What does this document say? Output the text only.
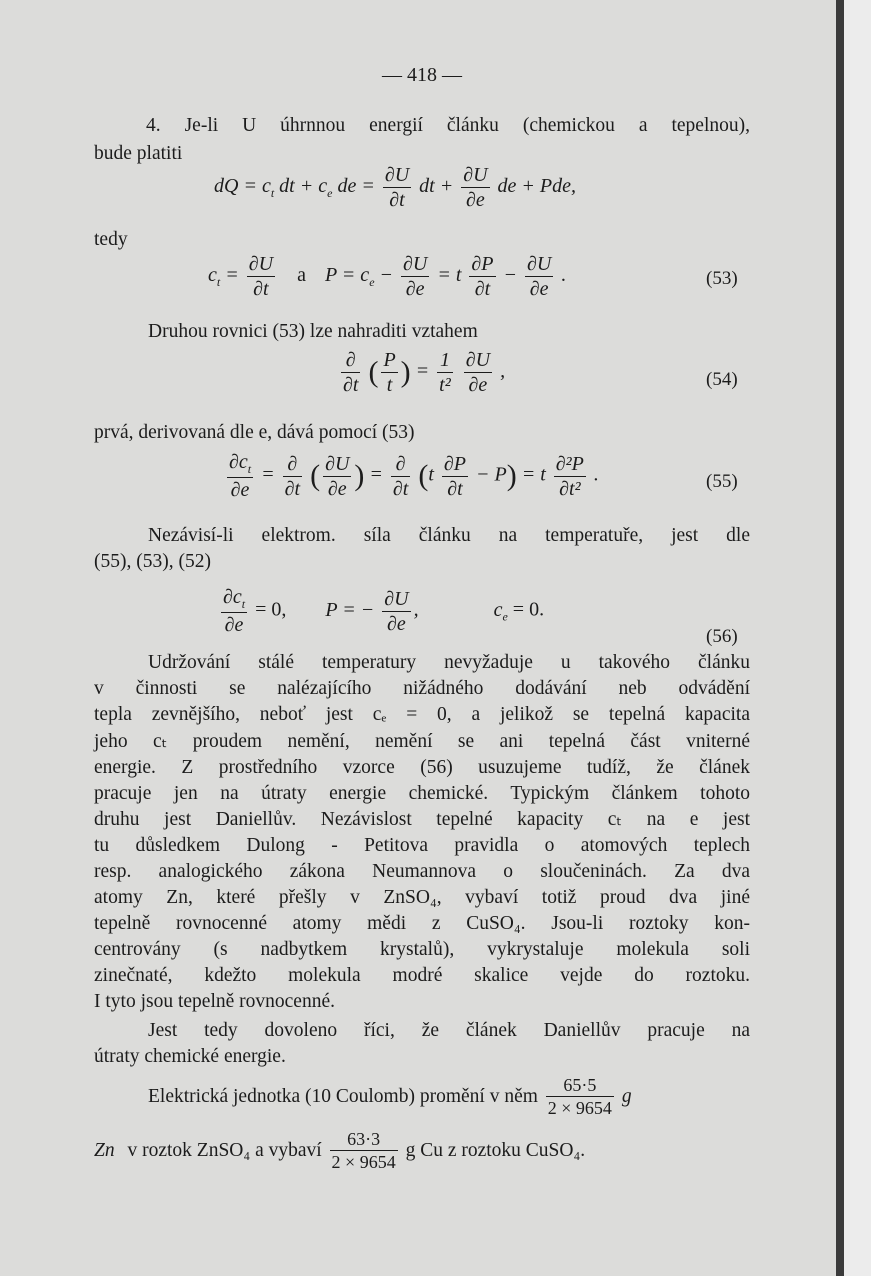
— 418 —
4. Je-li U úhrnnou energií článku (chemickou a tepelnou),
bude platiti
dQ = $c_t$ dt + $c_e$ de = $\frac{\partial U}{\partial t}$ dt + $\frac{\partial U}{\partial e}$ de + Pde,
tedy
$c_t = \frac{\partial U}{\partial t}$ a $P = c_e - \frac{\partial U}{\partial e} = t \frac{\partial P}{\partial t} - \frac{\partial U}{\partial e}$ .	(53)
Druhou rovnici (53) lze nahraditi vztahem
$\frac{\partial}{\partial t}$ ( $\frac{P}{t}$ ) = $\frac{1}{\text{t²}}$
$\frac{\partial U}{\partial e}$ ,	(54)
prvá, derivovaná dle e, dává pomocí (53)
$\frac{\partial c_t}{\partial e} = \frac{\partial}{\partial t}$ ( $\frac{\partial U}{\partial e}$ ) = $\frac{\partial}{\partial t} (t \frac{\partial P}{\partial t} - P) = t \frac{\text{∂²P}}{\text{∂t²}}$ .	(55)
Nezávisí-li elektrom. síla článku na temperatuře, jest dle
(55), (53), (52)
$\frac{\partial c_t}{\partial e} = 0$, P = − $\frac{\partial U}{\partial e}$ ,	$c_e = 0$.
(56)
Udržování stálé temperatury nevyžaduje u takového článku
v činnosti se nalézajícího nižádného dodávání neb odvádění
tepla zevnějšího, neboť jest cₑ = 0, a jelikož se tepelná kapacita
jeho cₜ proudem nemění, nemění se ani tepelná část vniterné
energie. Z prostředního vzorce (56) usuzujeme tudíž, že článek
pracuje jen na útraty energie chemické. Typickým článkem tohoto
druhu jest Daniellův. Nezávislost tepelné kapacity cₜ na e jest
tu důsledkem Dulong - Petitova pravidla o atomových teplech
resp. analogického zákona Neumannova o sloučeninách. Za dva
atomy Zn, které přešly v ZnSO₄, vybaví totiž proud dva jiné
tepelně rovnocenné atomy mědi z CuSO₄. Jsou-li roztoky kon-
centrovány (s nadbytkem krystalů), vykrystaluje molekula soli
zinečnaté, kdežto molekula modré skalice vejde do roztoku.
I tyto jsou tepelně rovnocenné.
Jest tedy dovoleno říci, že článek Daniellův pracuje na
útraty chemické energie.
Elektrická jednotka (10 Coulomb) promění v něm $\frac{65\cdot 5}{2 \times 9654}$ g
Zn v roztok ZnSO₄ a vybaví $\frac{63\cdot 3}{2 \times 9654}$ g Cu z roztoku CuSO₄.
